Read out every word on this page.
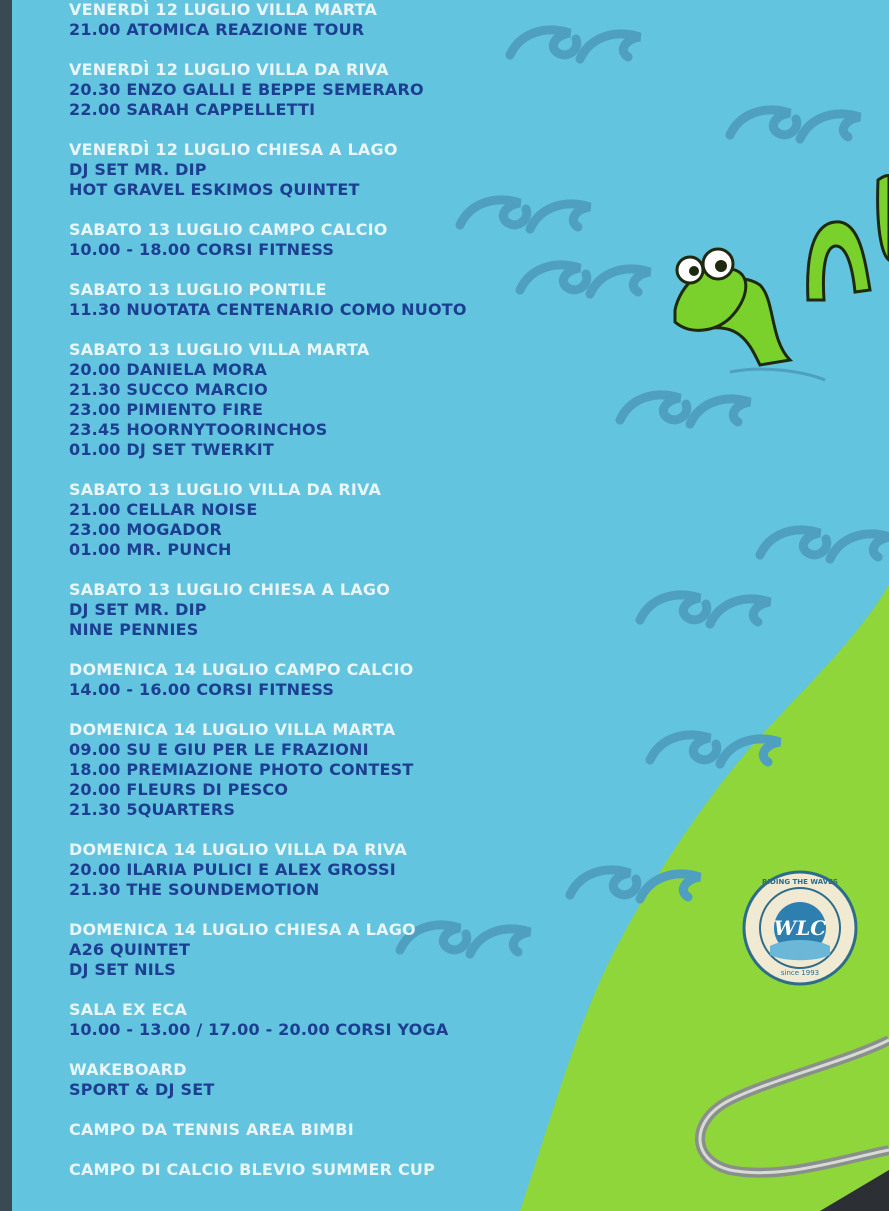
WLC
RIDING THE WAVES
since 1993
VENERDÌ 12 LUGLIO VILLA MARTA
21.00 ATOMICA REAZIONE TOUR
VENERDÌ 12 LUGLIO VILLA DA RIVA
20.30 ENZO GALLI E BEPPE SEMERARO
22.00 SARAH CAPPELLETTI
VENERDÌ 12 LUGLIO CHIESA A LAGO
DJ SET MR. DIP
HOT GRAVEL ESKIMOS QUINTET
SABATO 13 LUGLIO CAMPO CALCIO
10.00 - 18.00 CORSI FITNESS
SABATO 13 LUGLIO PONTILE
11.30 NUOTATA CENTENARIO COMO NUOTO
SABATO 13 LUGLIO VILLA MARTA
20.00 DANIELA MORA
21.30 SUCCO MARCIO
23.00 PIMIENTO FIRE
23.45 HOORNYTOORINCHOS
01.00 DJ SET TWERKIT
SABATO 13 LUGLIO VILLA DA RIVA
21.00 CELLAR NOISE
23.00 MOGADOR
01.00 MR. PUNCH
SABATO 13 LUGLIO CHIESA A LAGO
DJ SET MR. DIP
NINE PENNIES
DOMENICA 14 LUGLIO CAMPO CALCIO
14.00 - 16.00 CORSI FITNESS
DOMENICA 14 LUGLIO VILLA MARTA
09.00 SU E GIU PER LE FRAZIONI
18.00 PREMIAZIONE PHOTO CONTEST
20.00 FLEURS DI PESCO
21.30 5QUARTERS
DOMENICA 14 LUGLIO VILLA DA RIVA
20.00 ILARIA PULICI E ALEX GROSSI
21.30 THE SOUNDEMOTION
DOMENICA 14 LUGLIO CHIESA A LAGO
A26 QUINTET
DJ SET NILS
SALA EX ECA
10.00 - 13.00 / 17.00 - 20.00 CORSI YOGA
WAKEBOARD
SPORT & DJ SET
CAMPO DA TENNIS AREA BIMBI
CAMPO DI CALCIO BLEVIO SUMMER CUP
